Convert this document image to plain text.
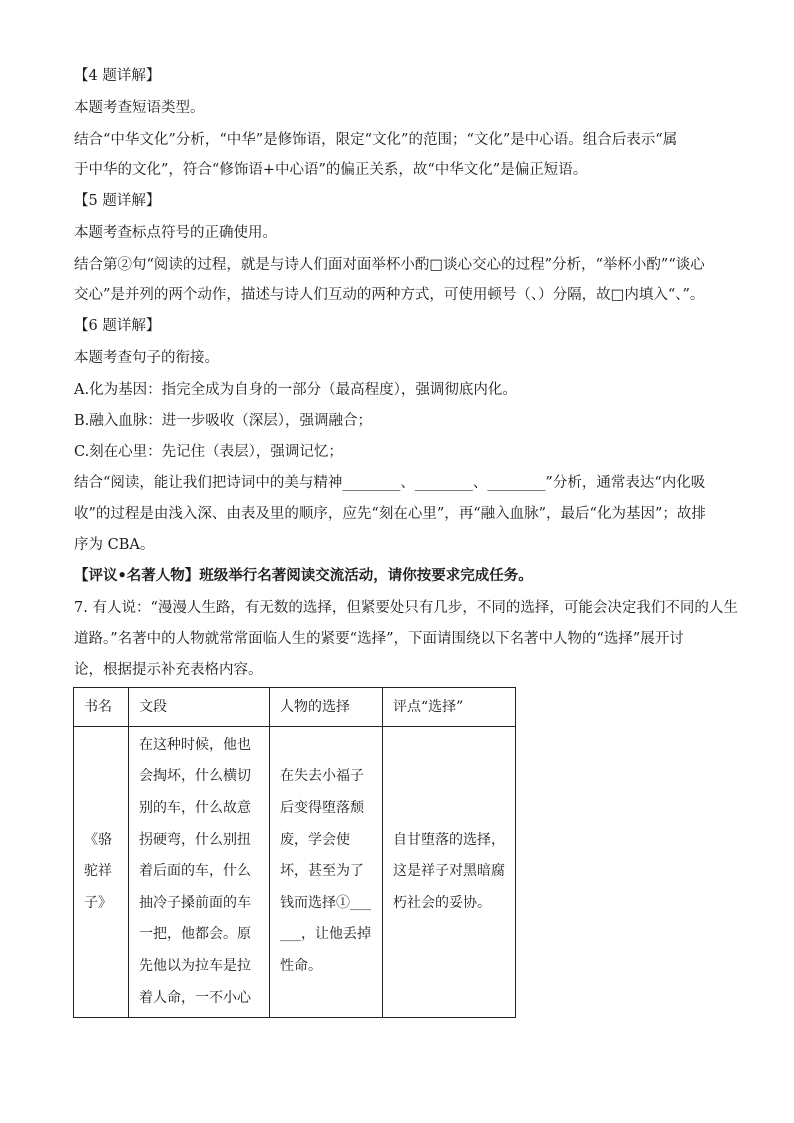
【4 题详解】
本题考查短语类型。
结合“中华文化”分析，“中华”是修饰语，限定“文化”的范围；“文化”是中心语。组合后表示“属
于中华的文化”，符合“修饰语+中心语”的偏正关系，故“中华文化”是偏正短语。
【5 题详解】
本题考查标点符号的正确使用。
结合第②句“阅读的过程，就是与诗人们面对面举杯小酌□谈心交心的过程”分析，“举杯小酌”“谈心
交心”是并列的两个动作，描述与诗人们互动的两种方式，可使用顿号（、）分隔，故□内填入“、”。
【6 题详解】
本题考查句子的衔接。
A.化为基因：指完全成为自身的一部分（最高程度），强调彻底内化。
B.融入血脉：进一步吸收（深层），强调融合；
C.刻在心里：先记住（表层），强调记忆；
结合“阅读，能让我们把诗词中的美与精神________、________、________”分析，通常表达“内化吸
收”的过程是由浅入深、由表及里的顺序，应先“刻在心里”，再“融入血脉”，最后“化为基因”；故排
序为 CBA。
【评议•名著人物】班级举行名著阅读交流活动，请你按要求完成任务。
7. 有人说：“漫漫人生路，有无数的选择，但紧要处只有几步，不同的选择，可能会决定我们不同的人生
道路。”名著中的人物就常常面临人生的紧要“选择”，下面请围绕以下名著中人物的“选择”展开讨
论，根据提示补充表格内容。
书名	文段	人物的选择	评点“选择”
《骆驼祥子》	在这种时候，他也会掏坏，什么横切别的车，什么故意拐硬弯，什么别扭着后面的车，什么抽冷子搡前面的车一把，他都会。原先他以为拉车是拉着人命，一不小心	在失去小福子后变得堕落颓废，学会使坏，甚至为了钱而选择①______，让他丢掉性命。	自甘堕落的选择，这是祥子对黑暗腐朽社会的妥协。
